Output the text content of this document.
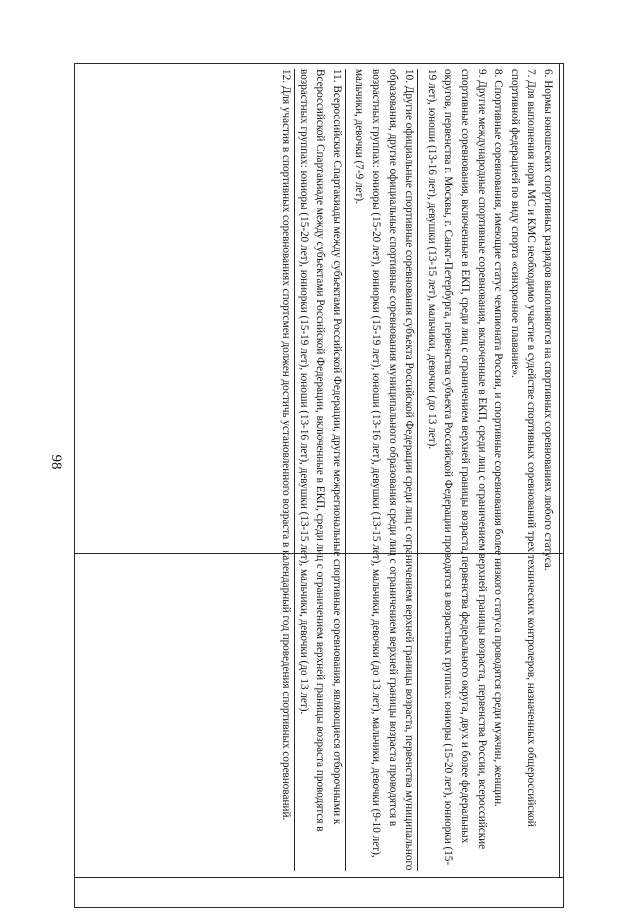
98	6. Нормы юношеских спортивных разрядов выполняются на спортивных соревнованиях любого статуса.

7. Для выполнения норм МС и КМС необходимо участие в судействе спортивных соревнований трех технических контролеров, назначенных общероссийской спортивной федерацией по виду спорта «синхронное плавание».

8. Спортивные соревнования, имеющие статус чемпионата России, и спортивные соревнования более низкого статуса проводятся среди мужчин, женщин.

9. Другие международные спортивные соревнования, включенные в ЕКП, среди лиц с ограничением верхней границы возраста, первенства России, всероссийские спортивные соревнования, включенные в ЕКП, среди лиц с ограничением верхней границы возраста, первенства федерального округа, двух и более федеральных округов, первенства г. Москвы, г. Санкт-Петербурга, первенства субъекта Российской Федерации проводятся в возрастных группах: юниоры (15-20 лет), юниорки (15-19 лет), юноши (13-16 лет), девушки (13-15 лет), мальчики, девочки (до 13 лет).

10. Другие официальные спортивные соревнования субъекта Российской Федерации среди лиц с ограничением верхней границы возраста, первенства муниципального образования, другие официальные спортивные соревнования муниципального образования среди лиц с ограничением верхней границы возраста проводятся в возрастных группах: юниоры (15-20 лет), юниорки (15-19 лет), юноши (13-16 лет), девушки (13-15 лет), мальчики, девочки (до 13 лет), мальчики, девочки (9-10 лет), мальчики, девочки (7-9 лет).

11. Всероссийские Спартакиады между субъектами Российской Федерации, другие межрегиональные спортивные соревнования, являющиеся отборочными к Всероссийской Спартакиаде между субъектами Российской Федерации, включенные в ЕКП, среди лиц с ограничением верхней границы возраста проводятся в возрастных группах: юниоры (15-20 лет), юниорки (15-19 лет), юноши (13-16 лет), девушки (13-15 лет), мальчики, девочки (до 13 лет).

12. Для участия в спортивных соревнованиях спортсмен должен достичь установленного возраста в календарный год проведения спортивных соревнований.
